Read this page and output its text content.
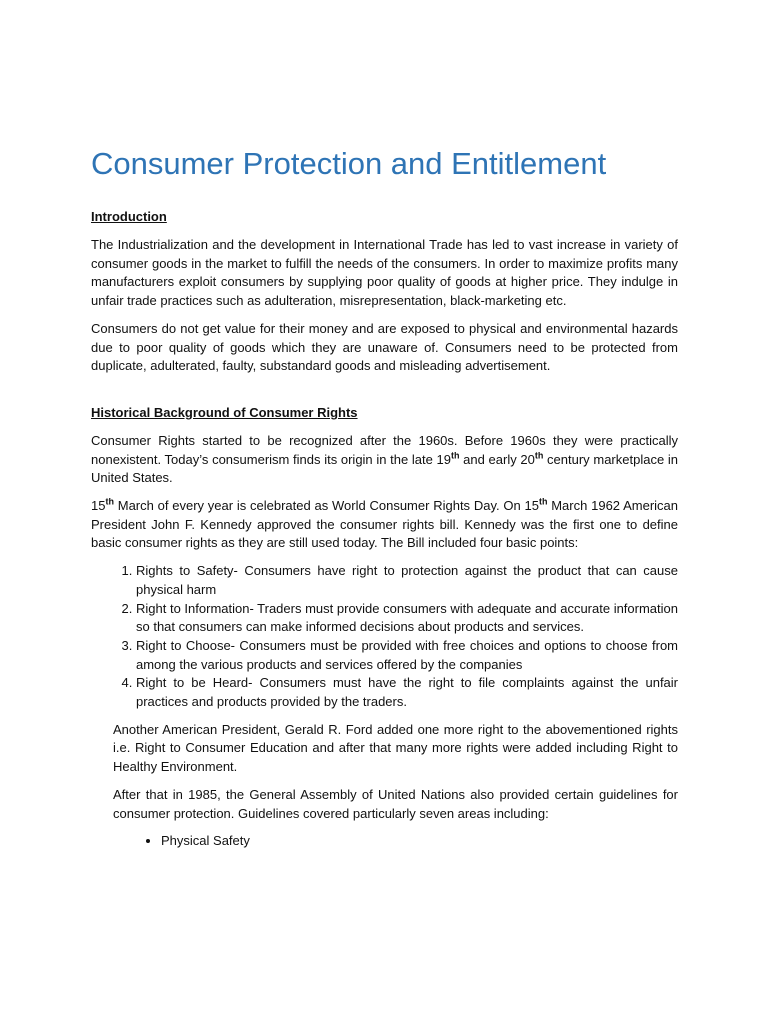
Consumer Protection and Entitlement
Introduction

The Industrialization and the development in International Trade has led to vast increase in variety of consumer goods in the market to fulfill the needs of the consumers. In order to maximize profits many manufacturers exploit consumers by supplying poor quality of goods at higher price. They indulge in unfair trade practices such as adulteration, misrepresentation, black-marketing etc.

Consumers do not get value for their money and are exposed to physical and environmental hazards due to poor quality of goods which they are unaware of. Consumers need to be protected from duplicate, adulterated, faulty, substandard goods and misleading advertisement.

Historical Background of Consumer Rights

Consumer Rights started to be recognized after the 1960s. Before 1960s they were practically nonexistent. Today’s consumerism finds its origin in the late 19th and early 20th century marketplace in United States.

15th March of every year is celebrated as World Consumer Rights Day. On 15th March 1962 American President John F. Kennedy approved the consumer rights bill. Kennedy was the first one to define basic consumer rights as they are still used today. The Bill included four basic points:

1. Rights to Safety- Consumers have right to protection against the product that can cause physical harm
2. Right to Information- Traders must provide consumers with adequate and accurate information so that consumers can make informed decisions about products and services.
3. Right to Choose- Consumers must be provided with free choices and options to choose from among the various products and services offered by the companies
4. Right to be Heard- Consumers must have the right to file complaints against the unfair practices and products provided by the traders.

Another American President, Gerald R. Ford added one more right to the abovementioned rights i.e. Right to Consumer Education and after that many more rights were added including Right to Healthy Environment.

After that in 1985, the General Assembly of United Nations also provided certain guidelines for consumer protection. Guidelines covered particularly seven areas including:

• Physical Safety
